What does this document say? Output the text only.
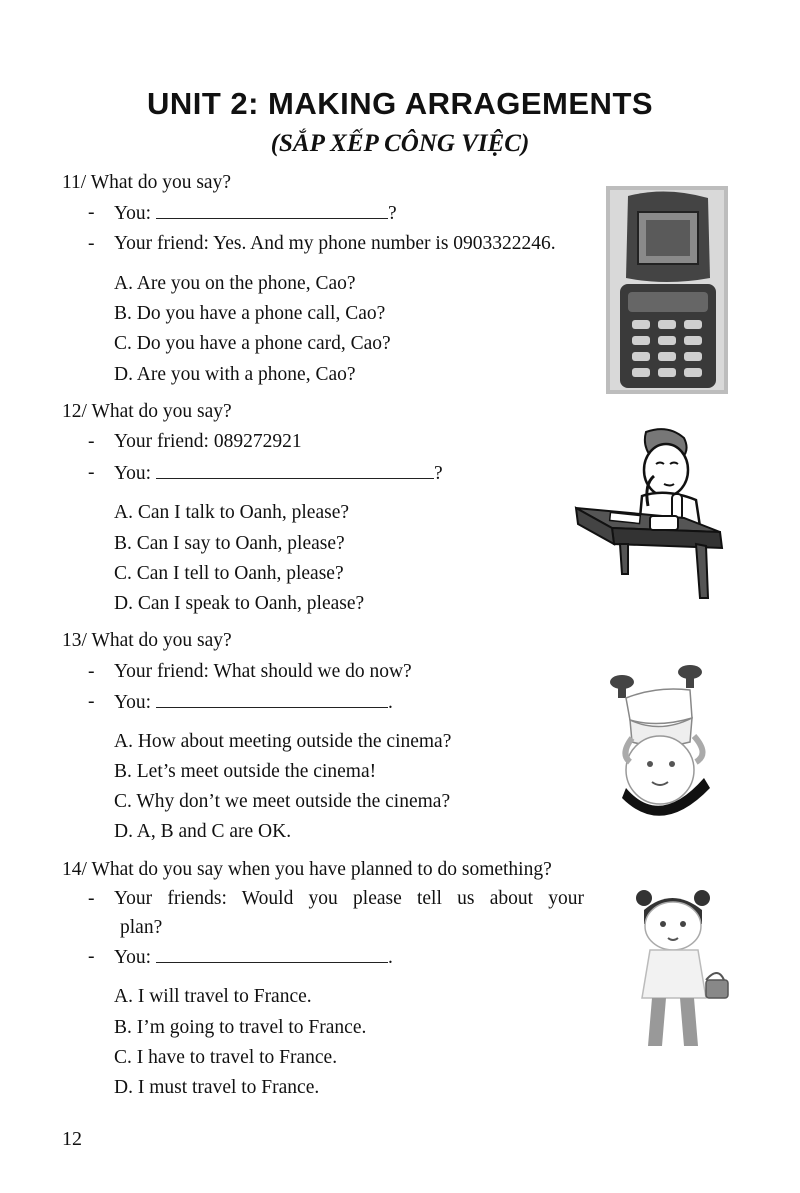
UNIT 2: MAKING ARRAGEMENTS
(SẮP XẾP CÔNG VIỆC)
11/ What do you say?
- You:	?
- Your friend: Yes. And my phone number is 0903322246.
A. Are you on the phone, Cao?
B. Do you have a phone call, Cao?
C. Do you have a phone card, Cao?
D. Are you with a phone, Cao?
12/ What do you say?
- Your friend: 089272921
- You:	?
A. Can I talk to Oanh, please?
B. Can I say to Oanh, please?
C. Can I tell to Oanh, please?
D. Can I speak to Oanh, please?
13/ What do you say?
- Your friend: What should we do now?
- You:	.
A. How about meeting outside the cinema?
B. Let’s meet outside the cinema!
C. Why don’t we meet outside the cinema?
D. A, B and C are OK.
14/ What do you say when you have planned to do something?
- Your friends: Would you please tell us about your
plan?
- You:	.
A. I will travel to France.
B. I’m going to travel to France.
C. I have to travel to France.
D. I must travel to France.
12
